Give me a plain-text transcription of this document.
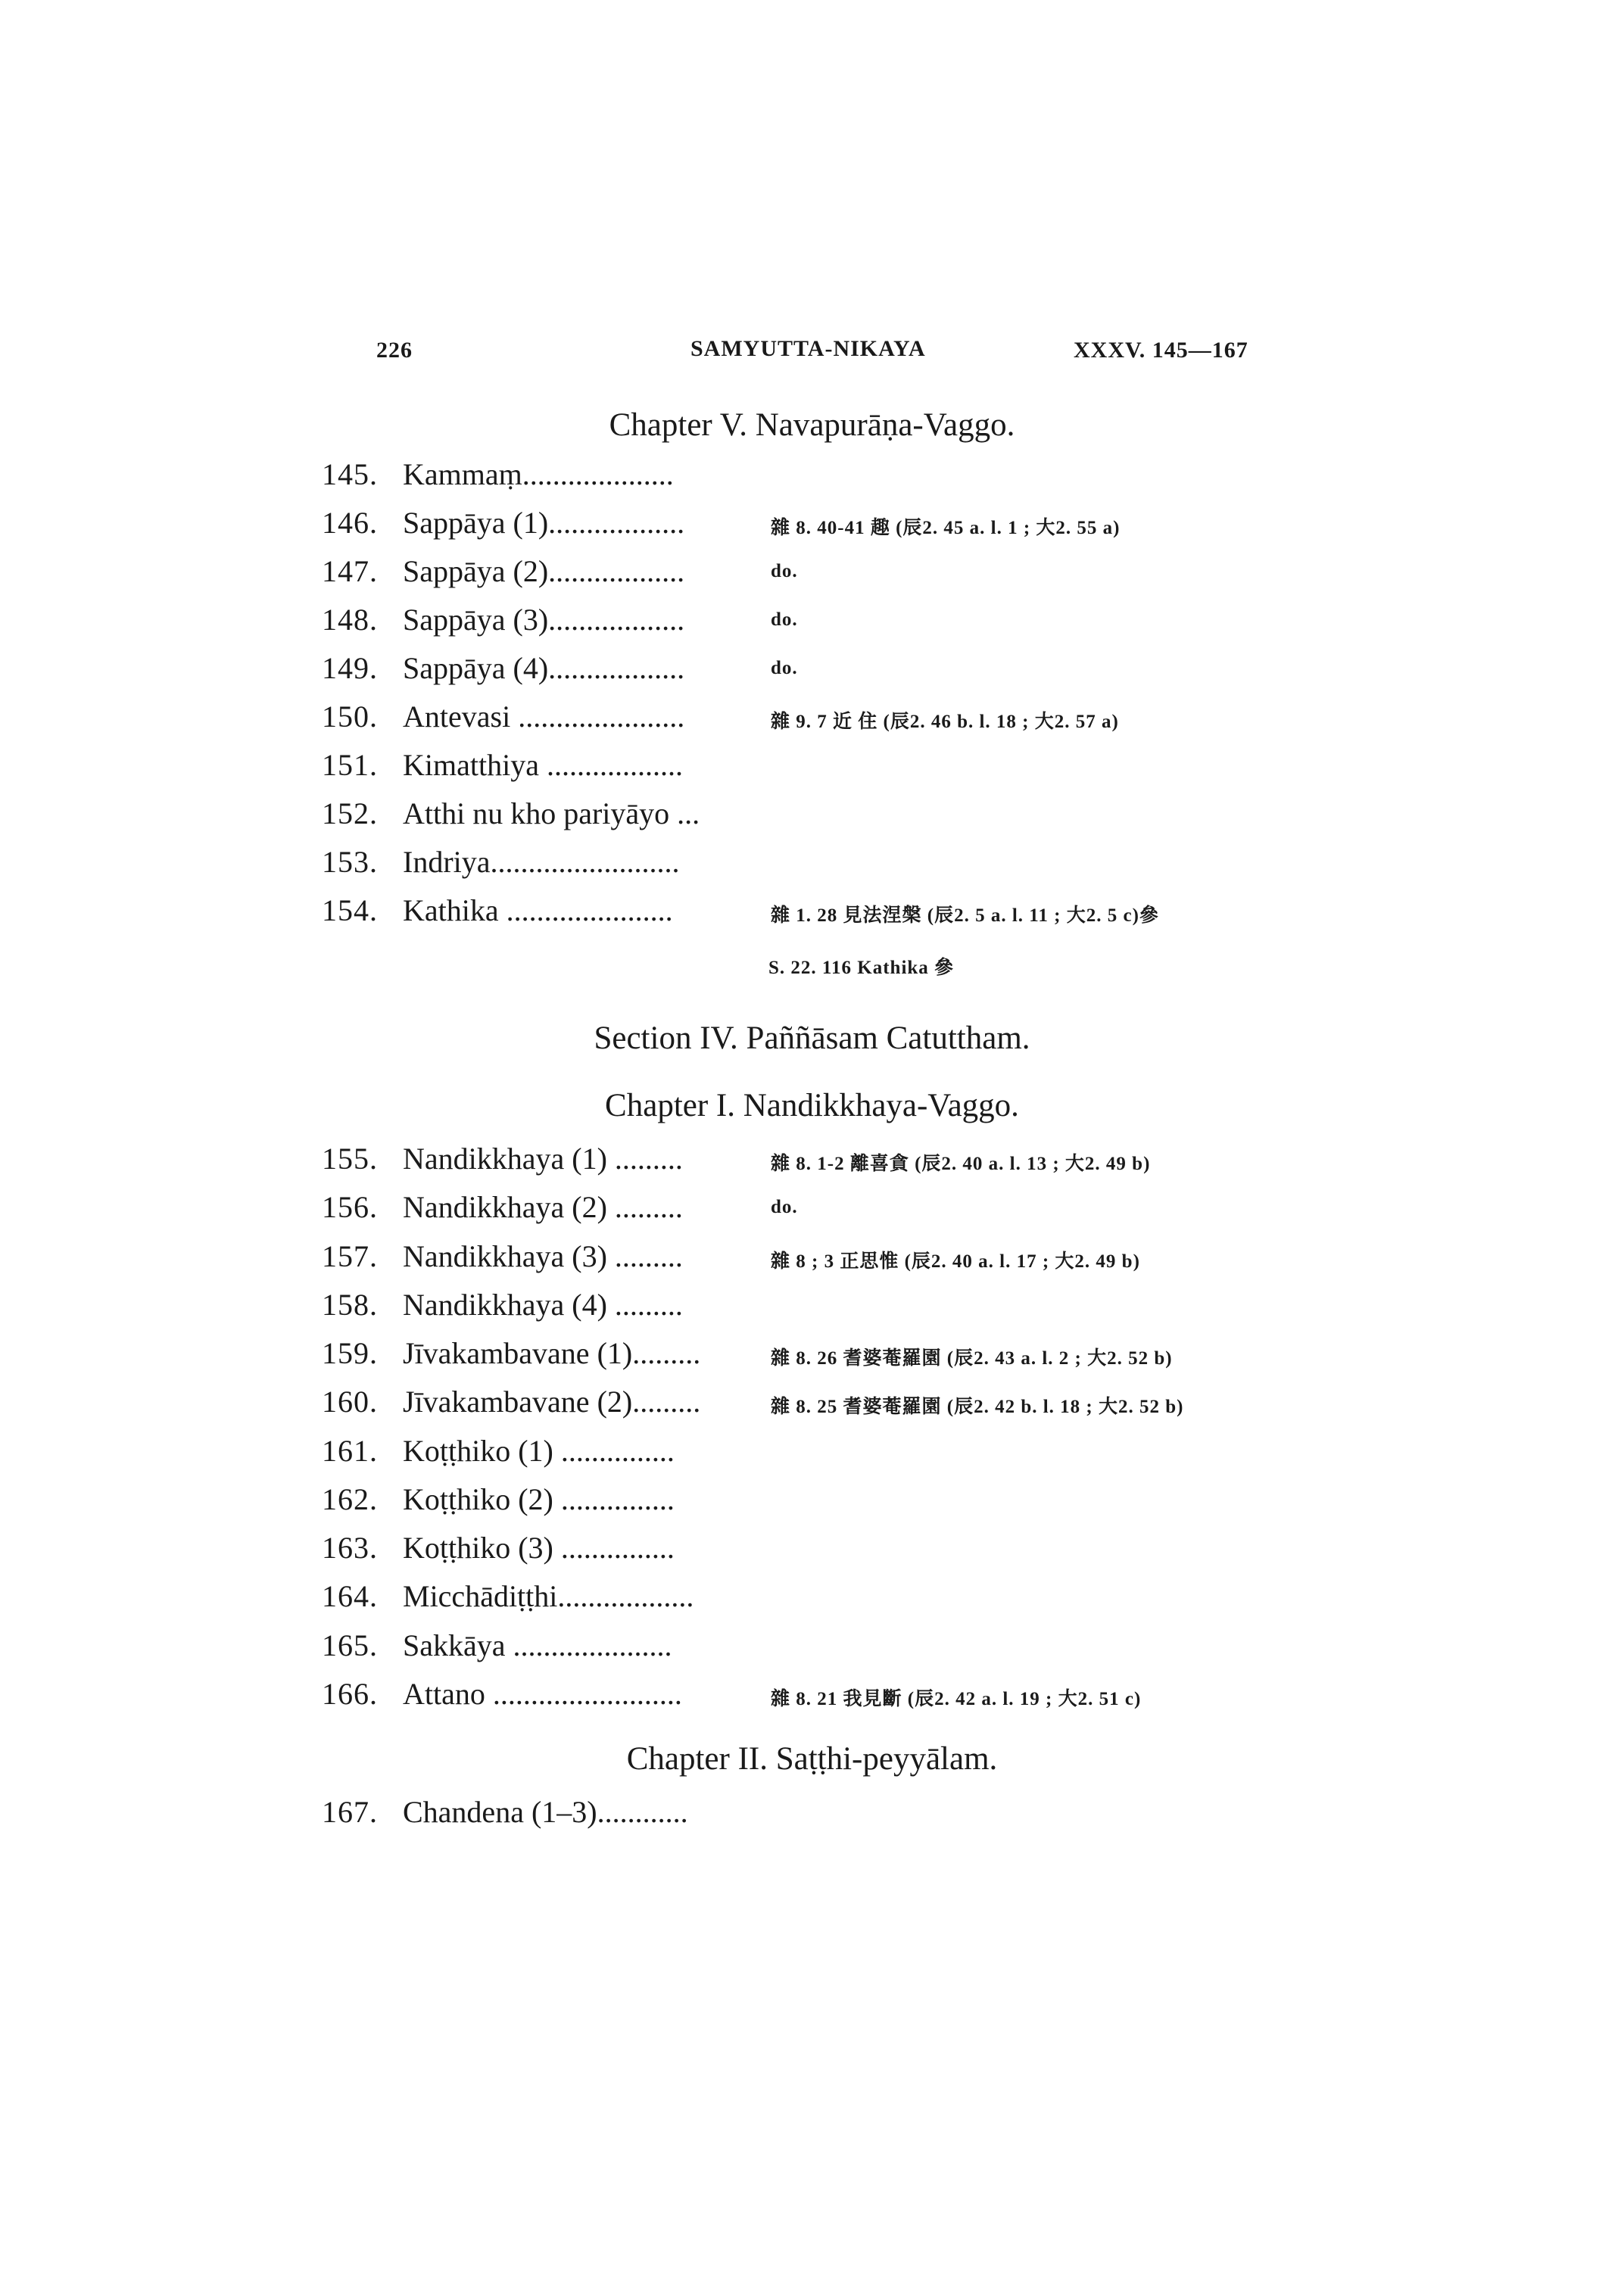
226	SAMYUTTA-NIKAYA	XXXV. 145—167
Chapter V. Navapurāṇa-Vaggo.
145. Kammaṃ....................
146. Sappāya (1)..................	雜 8. 40-41 趣 (辰2. 45 a. l. 1 ; 大2. 55 a)
147. Sappāya (2)..................	do.
148. Sappāya (3)..................	do.
149. Sappāya (4)..................	do.
150. Antevasi ......................	雜 9. 7 近 住 (辰2. 46 b. l. 18 ; 大2. 57 a)
151. Kimatthiya ..................
152. Atthi nu kho pariyāyo ...
153. Indriya.........................
154. Kathika ......................	雜 1. 28 見法涅槃 (辰2. 5 a. l. 11 ; 大2. 5 c)參
S. 22. 116 Kathika 參
Section IV. Paññāsam Catuttham.
Chapter I. Nandikkhaya-Vaggo.
155. Nandikkhaya (1) .........	雜 8. 1-2 離喜貪 (辰2. 40 a. l. 13 ; 大2. 49 b)
156. Nandikkhaya (2) .........	do.
157. Nandikkhaya (3) .........	雜 8 ; 3 正思惟 (辰2. 40 a. l. 17 ; 大2. 49 b)
158. Nandikkhaya (4) .........
159. Jīvakambavane (1).........	雜 8. 26 耆婆菴羅園 (辰2. 43 a. l. 2 ; 大2. 52 b)
160. Jīvakambavane (2).........	雜 8. 25 耆婆菴羅園 (辰2. 42 b. l. 18 ; 大2. 52 b)
161. Koṭṭhiko (1) ...............
162. Koṭṭhiko (2) ...............
163. Koṭṭhiko (3) ...............
164. Micchādiṭṭhi..................
165. Sakkāya .....................
166. Attano .........................	雜 8. 21 我見斷 (辰2. 42 a. l. 19 ; 大2. 51 c)
Chapter II. Saṭṭhi-peyyālam.
167. Chandena (1–3)............
